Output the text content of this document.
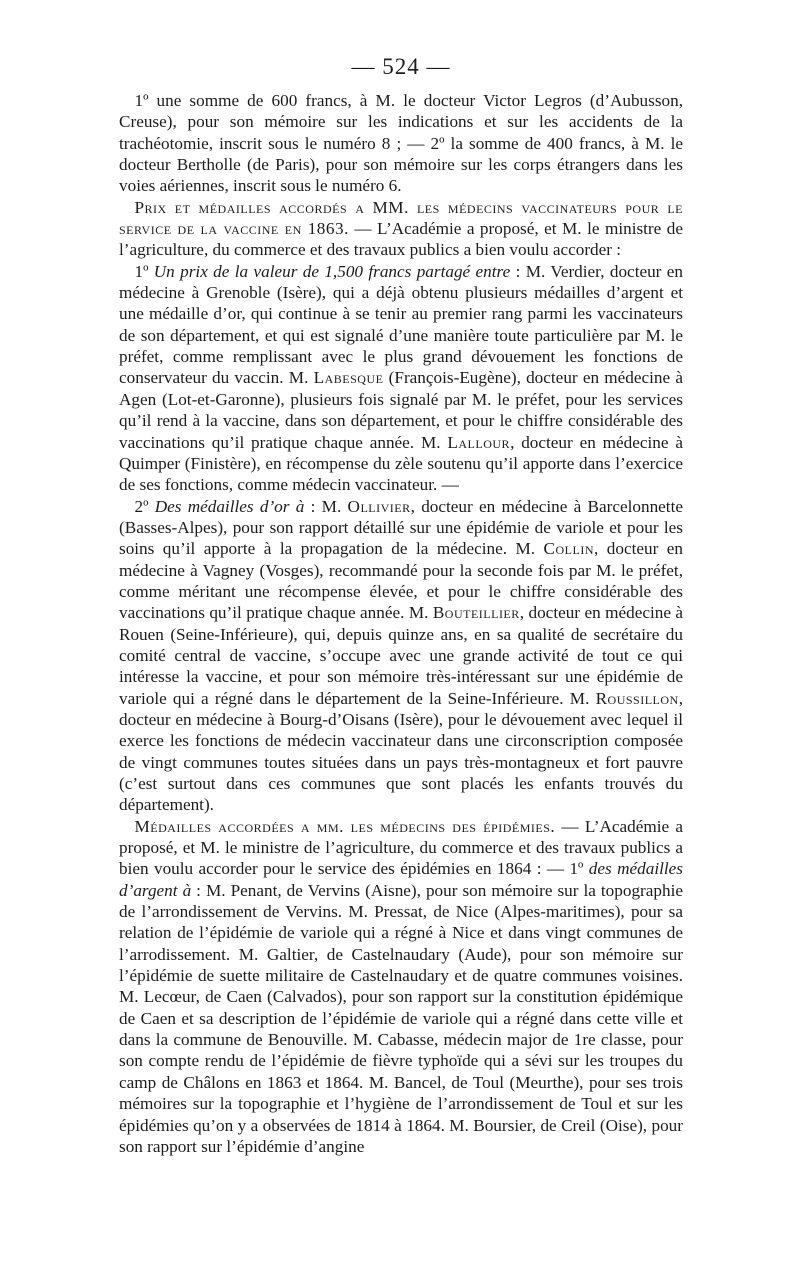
— 524 —

1º une somme de 600 francs, à M. le docteur Victor Legros (d’Aubusson, Creuse), pour son mémoire sur les indications et sur les accidents de la trachéotomie, inscrit sous le numéro 8 ; — 2º la somme de 400 francs, à M. le docteur Bertholle (de Paris), pour son mémoire sur les corps étrangers dans les voies aériennes, inscrit sous le numéro 6.

Prix et médailles accordés a MM. les médecins vaccinateurs pour le service de la vaccine en 1863. — L’Académie a proposé, et M. le ministre de l’agriculture, du commerce et des travaux publics a bien voulu accorder :

1º Un prix de la valeur de 1,500 francs partagé entre : M. Verdier, docteur en médecine à Grenoble (Isère), qui a déjà obtenu plusieurs médailles d’argent et une médaille d’or, qui continue à se tenir au premier rang parmi les vaccinateurs de son département, et qui est signalé d’une manière toute particulière par M. le préfet, comme remplissant avec le plus grand dévouement les fonctions de conservateur du vaccin. M. Labesque (François-Eugène), docteur en médecine à Agen (Lot-et-Garonne), plusieurs fois signalé par M. le préfet, pour les services qu’il rend à la vaccine, dans son département, et pour le chiffre considérable des vaccinations qu’il pratique chaque année. M. Lallour, docteur en médecine à Quimper (Finistère), en récompense du zèle soutenu qu’il apporte dans l’exercice de ses fonctions, comme médecin vaccinateur. —

2º Des médailles d’or à : M. Ollivier, docteur en médecine à Barcelonnette (Basses-Alpes), pour son rapport détaillé sur une épidémie de variole et pour les soins qu’il apporte à la propagation de la médecine. M. Collin, docteur en médecine à Vagney (Vosges), recommandé pour la seconde fois par M. le préfet, comme méritant une récompense élevée, et pour le chiffre considérable des vaccinations qu’il pratique chaque année. M. Bouteillier, docteur en médecine à Rouen (Seine-Inférieure), qui, depuis quinze ans, en sa qualité de secrétaire du comité central de vaccine, s’occupe avec une grande activité de tout ce qui intéresse la vaccine, et pour son mémoire très-intéressant sur une épidémie de variole qui a régné dans le département de la Seine-Inférieure. M. Roussillon, docteur en médecine à Bourg-d’Oisans (Isère), pour le dévouement avec lequel il exerce les fonctions de médecin vaccinateur dans une circonscription composée de vingt communes toutes situées dans un pays très-montagneux et fort pauvre (c’est surtout dans ces communes que sont placés les enfants trouvés du département).

Médailles accordées a mm. les médecins des épidémies. — L’Académie a proposé, et M. le ministre de l’agriculture, du commerce et des travaux publics a bien voulu accorder pour le service des épidémies en 1864 : — 1º des médailles d’argent à : M. Penant, de Vervins (Aisne), pour son mémoire sur la topographie de l’arrondissement de Vervins. M. Pressat, de Nice (Alpes-maritimes), pour sa relation de l’épidémie de variole qui a régné à Nice et dans vingt communes de l’arrodissement. M. Galtier, de Castelnaudary (Aude), pour son mémoire sur l’épidémie de suette militaire de Castelnaudary et de quatre communes voisines. M. Lecœur, de Caen (Calvados), pour son rapport sur la constitution épidémique de Caen et sa description de l’épidémie de variole qui a régné dans cette ville et dans la commune de Benouville. M. Cabasse, médecin major de 1re classe, pour son compte rendu de l’épidémie de fièvre typhoïde qui a sévi sur les troupes du camp de Châlons en 1863 et 1864. M. Bancel, de Toul (Meurthe), pour ses trois mémoires sur la topographie et l’hygiène de l’arrondissement de Toul et sur les épidémies qu’on y a observées de 1814 à 1864. M. Boursier, de Creil (Oise), pour son rapport sur l’épidémie d’angine
